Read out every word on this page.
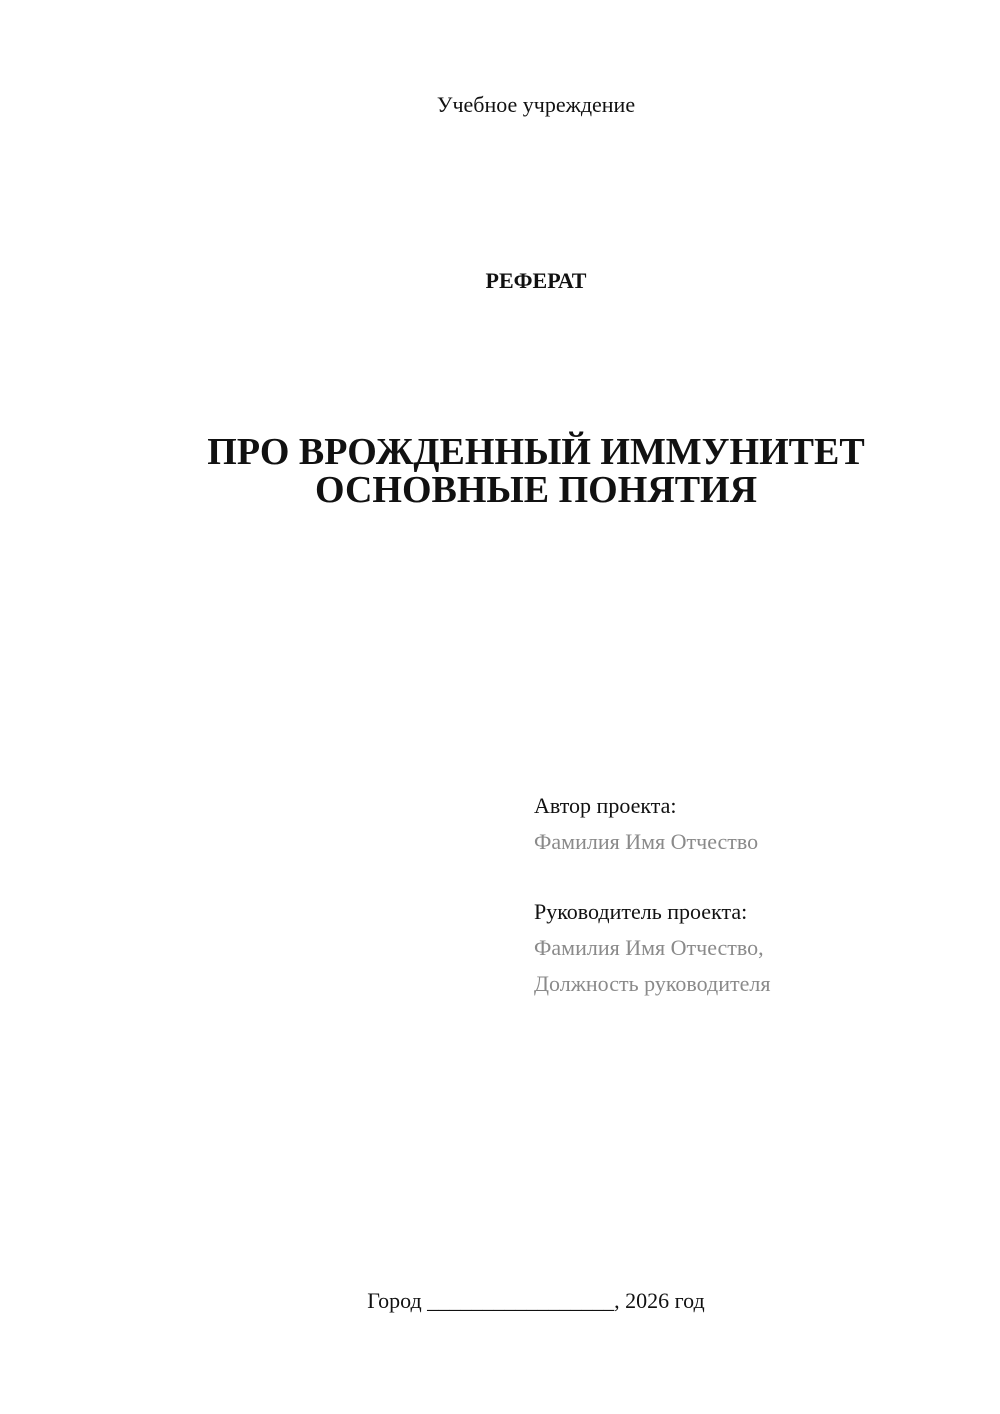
Учебное учреждение
РЕФЕРАТ
ПРО ВРОЖДЕННЫЙ ИММУНИТЕТ
ОСНОВНЫЕ ПОНЯТИЯ
Автор проекта:
Фамилия Имя Отчество
Руководитель проекта:
Фамилия Имя Отчество,
Должность руководителя
Город _________________, 2026 год
